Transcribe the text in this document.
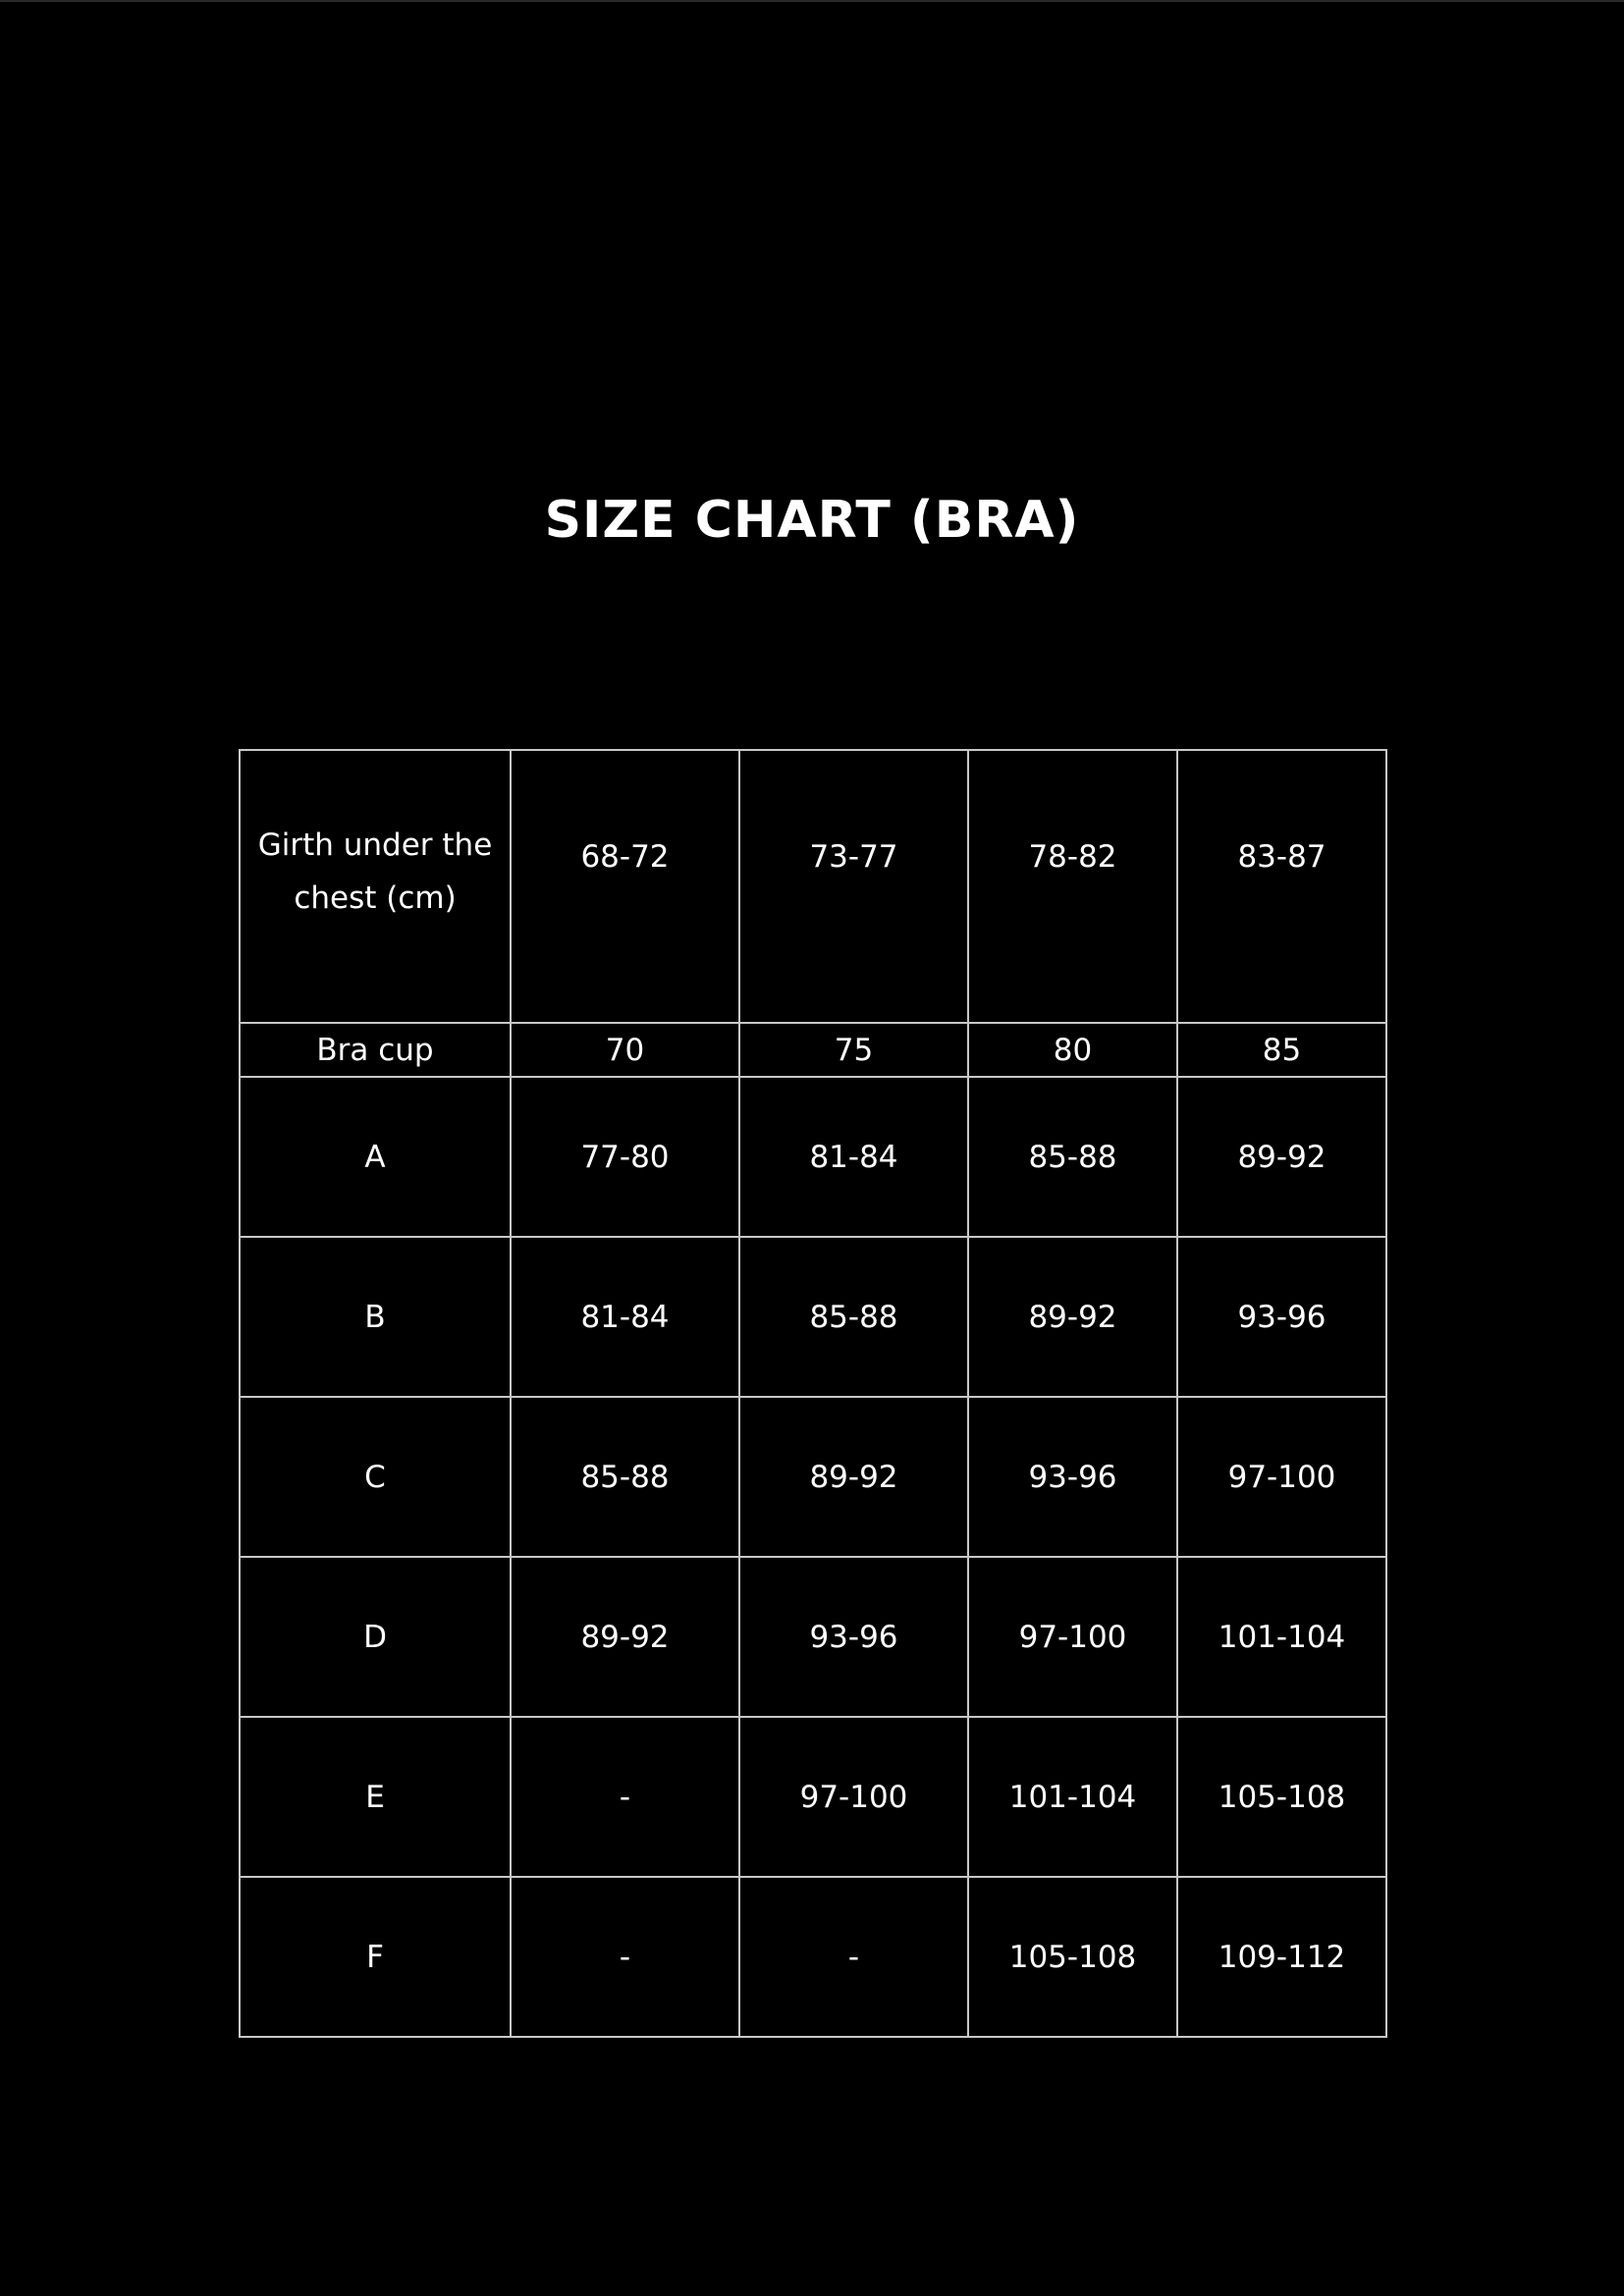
SIZE CHART (BRA)
Girth under the chest (cm)	68-72	73-77	78-82	83-87
Bra cup	70	75	80	85
A	77-80	81-84	85-88	89-92
B	81-84	85-88	89-92	93-96
C	85-88	89-92	93-96	97-100
D	89-92	93-96	97-100	101-104
E	-	97-100	101-104	105-108
F	-	-	105-108	109-112
